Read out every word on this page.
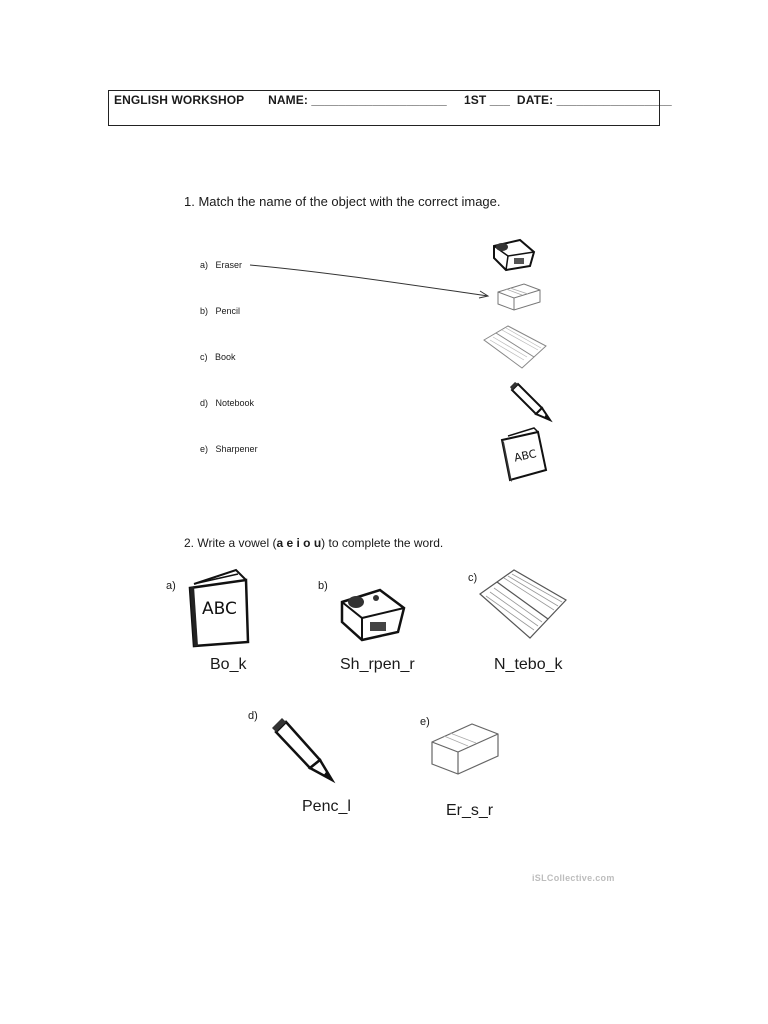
ENGLISH WORKSHOP       NAME: ____________________     1ST ___  DATE: _________________
1. Match the name of the object with the correct image.
a) Eraser
b) Pencil
c) Book
d) Notebook
e) Sharpener	ABC
2. Write a vowel (a e i o u) to complete the word.
a)	b)
c)
d)	e)
ABC
Bo_k	Sh_rpen_r	N_tebo_k
Penc_l	Er_s_r
iSLCollective.com
